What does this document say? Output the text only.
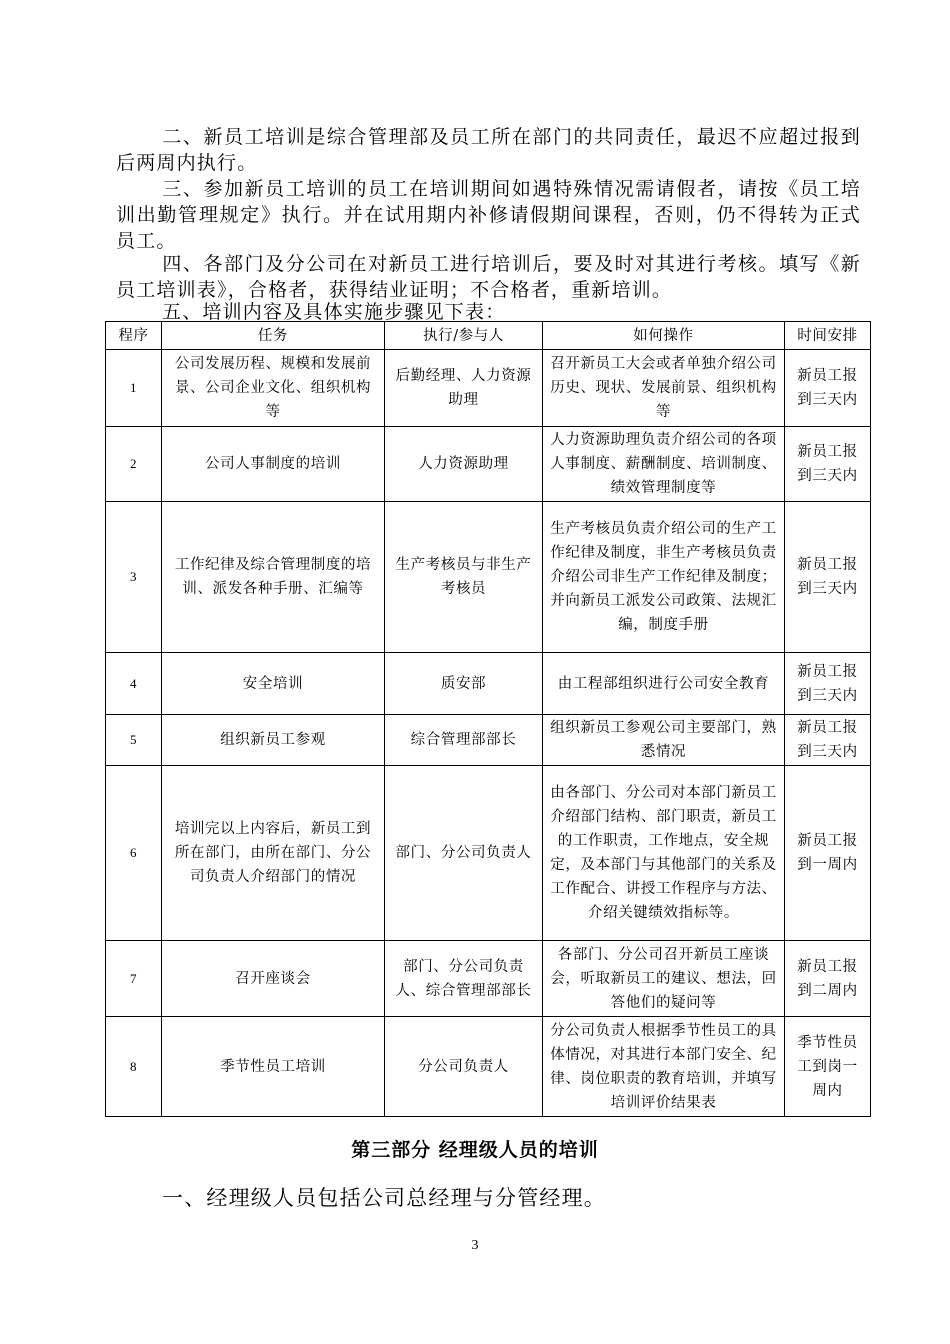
二、新员工培训是综合管理部及员工所在部门的共同责任，最迟不应超过报到后两周内执行。

三、参加新员工培训的员工在培训期间如遇特殊情况需请假者，请按《员工培训出勤管理规定》执行。并在试用期内补修请假期间课程，否则，仍不得转为正式员工。

四、各部门及分公司在对新员工进行培训后，要及时对其进行考核。填写《新员工培训表》，合格者，获得结业证明；不合格者，重新培训。

五、培训内容及具体实施步骤见下表：

程序	任务	执行/参与人	如何操作	时间安排
1	公司发展历程、规模和发展前景、公司企业文化、组织机构等	后勤经理、人力资源助理	召开新员工大会或者单独介绍公司历史、现状、发展前景、组织机构等	新员工报到三天内
2	公司人事制度的培训	人力资源助理	人力资源助理负责介绍公司的各项人事制度、薪酬制度、培训制度、绩效管理制度等	新员工报到三天内
3	工作纪律及综合管理制度的培训、派发各种手册、汇编等	生产考核员与非生产考核员	生产考核员负责介绍公司的生产工作纪律及制度，非生产考核员负责介绍公司非生产工作纪律及制度；并向新员工派发公司政策、法规汇编，制度手册	新员工报到三天内
4	安全培训	质安部	由工程部组织进行公司安全教育	新员工报到三天内
5	组织新员工参观	综合管理部部长	组织新员工参观公司主要部门，熟悉情况	新员工报到三天内
6	培训完以上内容后，新员工到所在部门，由所在部门、分公司负责人介绍部门的情况	部门、分公司负责人	由各部门、分公司对本部门新员工介绍部门结构、部门职责，新员工的工作职责，工作地点，安全规定，及本部门与其他部门的关系及工作配合、讲授工作程序与方法、介绍关键绩效指标等。	新员工报到一周内
7	召开座谈会	部门、分公司负责人、综合管理部部长	各部门、分公司召开新员工座谈会，听取新员工的建议、想法，回答他们的疑问等	新员工报到二周内
8	季节性员工培训	分公司负责人	分公司负责人根据季节性员工的具体情况，对其进行本部门安全、纪律、岗位职责的教育培训，并填写培训评价结果表	季节性员工到岗一周内
第三部分 经理级人员的培训
一、经理级人员包括公司总经理与分管经理。
3
